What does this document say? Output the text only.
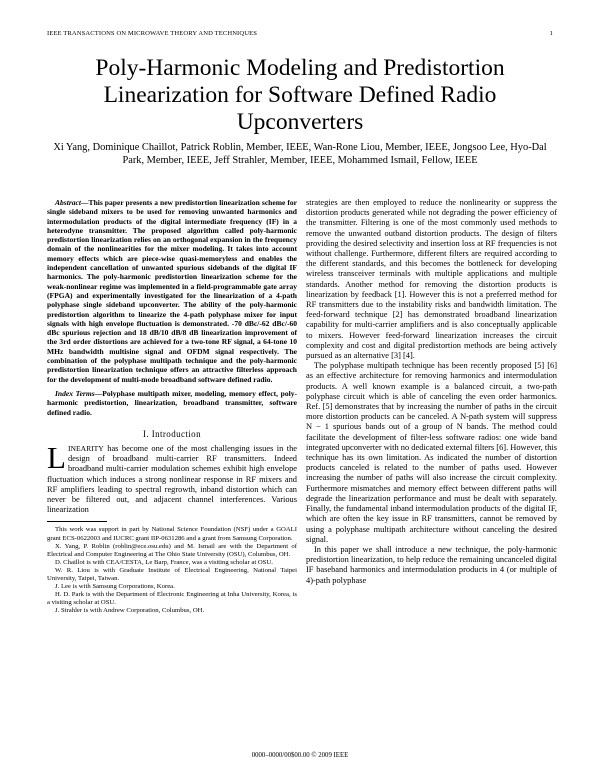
IEEE TRANSACTIONS ON MICROWAVE THEORY AND TECHNIQUES	1
Poly-Harmonic Modeling and Predistortion Linearization for Software Defined Radio Upconverters
Xi Yang, Dominique Chaillot, Patrick Roblin, Member, IEEE, Wan-Rone Liou, Member, IEEE, Jongsoo Lee, Hyo-Dal Park, Member, IEEE, Jeff Strahler, Member, IEEE, Mohammed Ismail, Fellow, IEEE

Abstract—This paper presents a new predistortion linearization scheme for single sideband mixers to be used for removing unwanted harmonics and intermodulation products of the digital intermediate frequency (IF) in a heterodyne transmitter. The proposed algorithm called poly-harmonic predistortion linearization relies on an orthogonal expansion in the frequency domain of the nonlinearities for the mixer modeling. It takes into account memory effects which are piece-wise quasi-memoryless and enables the independent cancellation of unwanted spurious sidebands of the digital IF harmonics. The poly-harmonic predistortion linearization scheme for the weak-nonlinear regime was implemented in a field-programmable gate array (FPGA) and experimentally investigated for the linearization of a 4-path polyphase single sideband upconverter. The ability of the poly-harmonic predistortion algorithm to linearize the 4-path polyphase mixer for input signals with high envelope fluctuation is demonstrated. -70 dBc/-62 dBc/-60 dBc spurious rejection and 18 dB/10 dB/8 dB linearization improvement of the 3rd order distortions are achieved for a two-tone RF signal, a 64-tone 10 MHz bandwidth multisine signal and OFDM signal respectively. The combination of the polyphase multipath technique and the poly-harmonic predistortion linearization technique offers an attractive filterless approach for the development of multi-mode broadband software defined radio.

Index Terms—Polyphase multipath mixer, modeling, memory effect, poly-harmonic predistortion, linearization, broadband transmitter, software defined radio.

I. Introduction

LINEARITY has become one of the most challenging issues in the design of broadband multi-carrier RF transmitters. Indeed broadband multi-carrier modulation schemes exhibit high envelope fluctuation which induces a strong nonlinear response in RF mixers and RF amplifiers leading to spectral regrowth, inband distortion which can never be filtered out, and adjacent channel interferences. Various linearization

This work was support in part by National Science Foundation (NSF) under a GOALI grant ECS-0622003 and IUCRC grant IIP-0631286 and a grant from Samsung Corporation.

X. Yang, P. Roblin (roblin@ece.osu.edu) and M. Ismail are with the Department of Electrical and Computer Engineering at The Ohio State University (OSU), Columbus, OH.

D. Chaillot is with CEA/CESTA, Le Barp, France, was a visiting scholar at OSU.

W. R. Liou is with Graduate Institute of Electrical Engineering, National Taipei University, Taipei, Taiwan.

J. Lee is with Samsung Corporations, Korea.

H. D. Park is with the Department of Electronic Engineering at Inha University, Korea, is a visiting scholar at OSU.

J. Strahler is with Andrew Corporation, Columbus, OH.

strategies are then employed to reduce the nonlinearity or suppress the distortion products generated while not degrading the power efficiency of the transmitter. Filtering is one of the most commonly used methods to remove the unwanted outband distortion products. The design of filters providing the desired selectivity and insertion loss at RF frequencies is not without challenge. Furthermore, different filters are required according to the different standards, and this becomes the bottleneck for developing wireless transceiver terminals with multiple applications and multiple standards. Another method for removing the distortion products is linearization by feedback [1]. However this is not a preferred method for RF transmitters due to the instability risks and bandwidth limitation. The feed-forward technique [2] has demonstrated broadband linearization capability for multi-carrier amplifiers and is also conceptually applicable to mixers. However feed-forward linearization increases the circuit complexity and cost and digital predistortion methods are being actively pursued as an alternative [3] [4].

The polyphase multipath technique has been recently proposed [5] [6] as an effective architecture for removing harmonics and intermodulation products. A well known example is a balanced circuit, a two-path polyphase circuit which is able of canceling the even order harmonics. Ref. [5] demonstrates that by increasing the number of paths in the circuit more distortion products can be canceled. A N-path system will suppress N − 1 spurious bands out of a group of N bands. The method could facilitate the development of filter-less software radios: one wide band integrated upconverter with no dedicated external filters [6]. However, this technique has its own limitation. As indicated the number of distortion products canceled is related to the number of paths used. However increasing the number of paths will also increase the circuit complexity. Furthermore mismatches and memory effect between different paths will degrade the linearization performance and must be dealt with separately. Finally, the fundamental inband intermodulation products of the digital IF, which are often the key issue in RF transmitters, cannot be removed by using a polyphase multipath architecture without canceling the desired signal.

In this paper we shall introduce a new technique, the poly-harmonic predistortion linearization, to help reduce the remaining uncanceled digital IF baseband harmonics and intermodulation products in 4 (or multiple of 4)-path polyphase

0000–0000/00$00.00 © 2009 IEEE
